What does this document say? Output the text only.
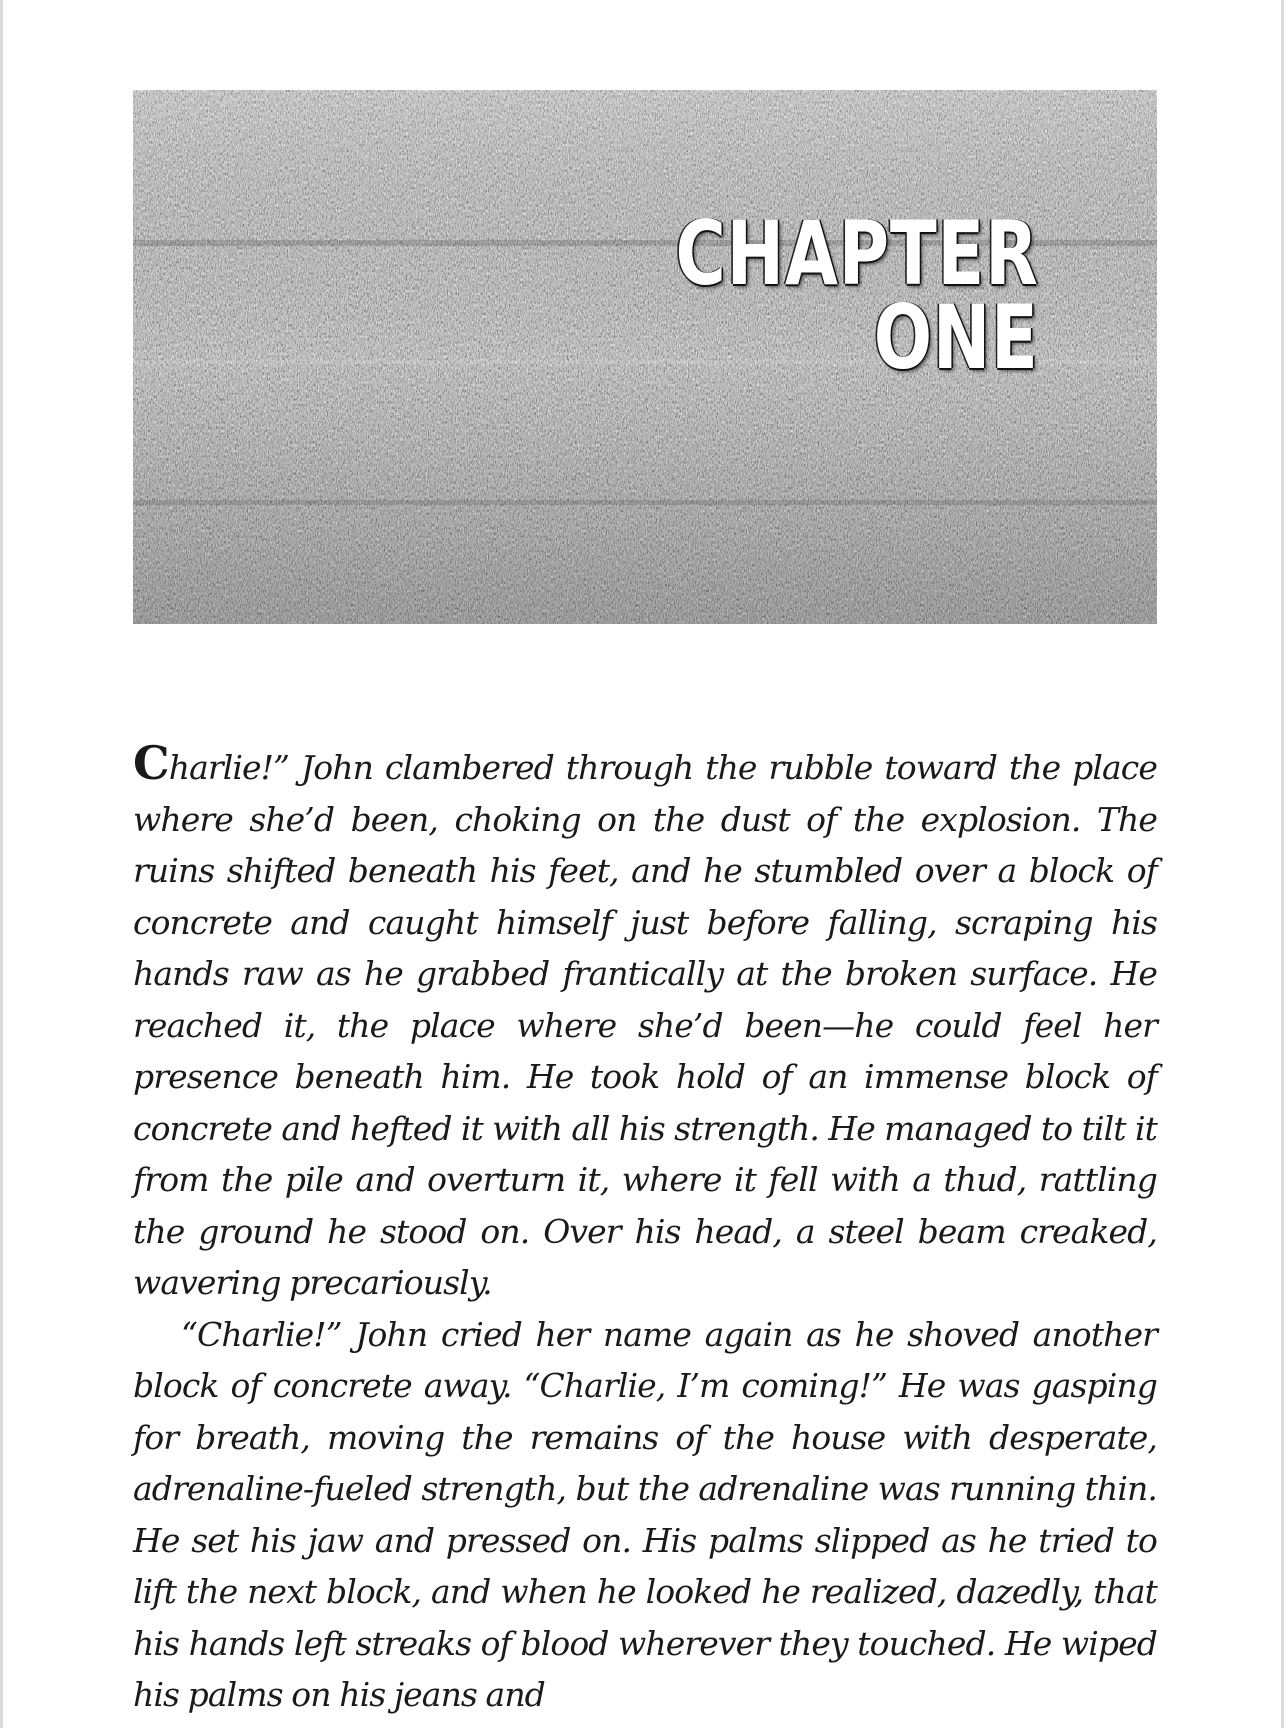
CHAPTER
ONE

Charlie!” John clambered through the rubble toward the place where she’d been, choking on the dust of the explosion. The ruins shifted beneath his feet, and he stumbled over a block of concrete and caught himself just before falling, scraping his hands raw as he grabbed frantically at the broken surface. He reached it, the place where she’d been—he could feel her presence beneath him. He took hold of an immense block of concrete and hefted it with all his strength. He managed to tilt it from the pile and overturn it, where it fell with a thud, rattling the ground he stood on. Over his head, a steel beam creaked, wavering precariously.

“Charlie!” John cried her name again as he shoved another block of concrete away. “Charlie, I’m coming!” He was gasping for breath, moving the remains of the house with desperate, adrenaline-fueled strength, but the adrenaline was running thin. He set his jaw and pressed on. His palms slipped as he tried to lift the next block, and when he looked he realized, dazedly, that his hands left streaks of blood wherever they touched. He wiped his palms on his jeans and
